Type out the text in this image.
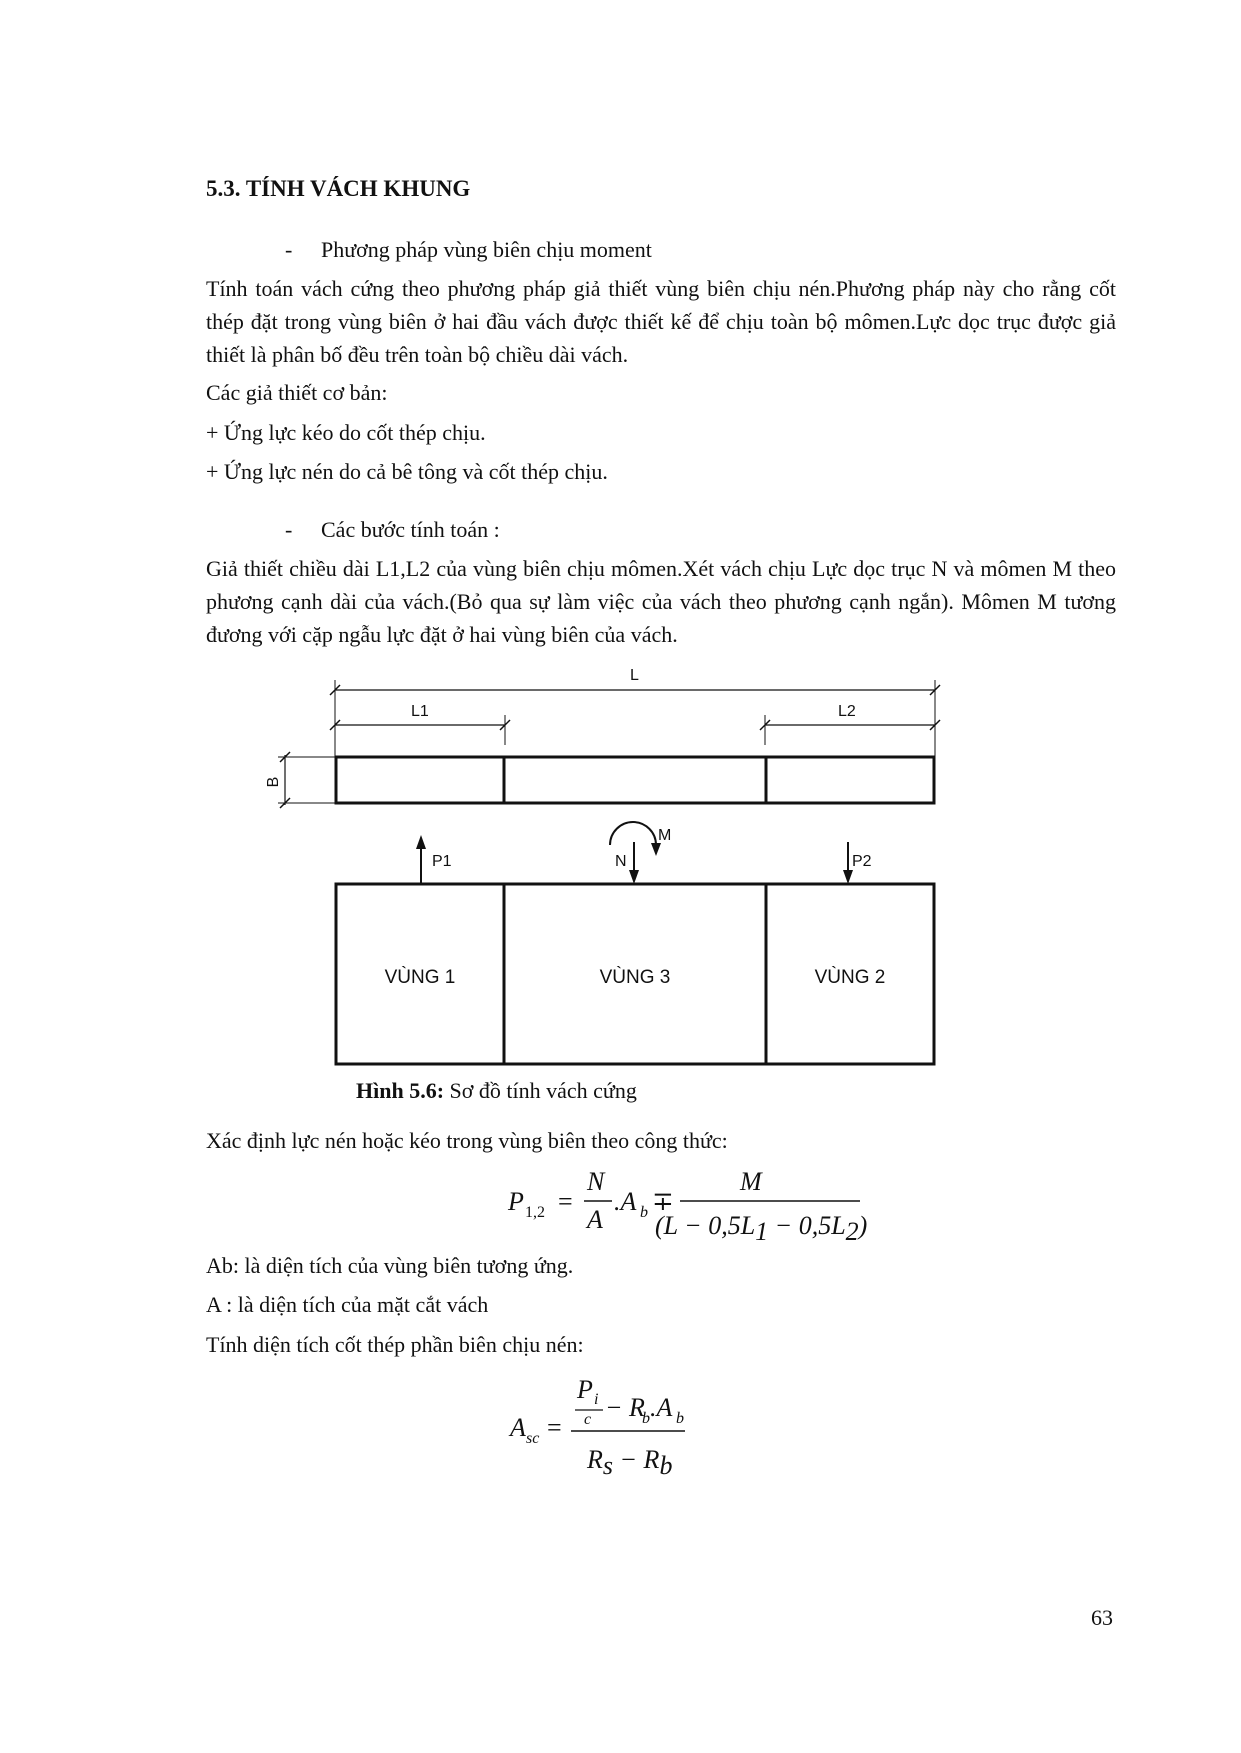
5.3. TÍNH VÁCH KHUNG
- Phương pháp vùng biên chịu moment
Tính toán vách cứng theo phương pháp giả thiết vùng biên chịu nén.Phương pháp này cho rằng cốt thép đặt trong vùng biên ở hai đầu vách được thiết kế để chịu toàn bộ mômen.Lực dọc trục được giả thiết là phân bố đều trên toàn bộ chiều dài vách.
Các giả thiết cơ bản:
+ Ứng lực kéo do cốt thép chịu.
+ Ứng lực nén do cả bê tông và cốt thép chịu.
- Các bước tính toán :
Giả thiết chiều dài L1,L2 của vùng biên chịu mômen.Xét vách chịu Lực dọc trục N và mômen M theo phương cạnh dài của vách.(Bỏ qua sự làm việc của vách theo phương cạnh ngắn). Mômen M tương đương với cặp ngẫu lực đặt ở hai vùng biên của vách.
L
L1	L2
B
P1	N
M
P2
VÙNG 1	VÙNG 3	VÙNG 2
Hình 5.6: Sơ đồ tính vách cứng
Xác định lực nén hoặc kéo trong vùng biên theo công thức:
P 1,2 =
N
A
.A b ∓
M
(L − 0,5L1 − 0,5L2)
Ab: là diện tích của vùng biên tương ứng.
A : là diện tích của mặt cắt vách
Tính diện tích cốt thép phần biên chịu nén:
A sc =
P i
c − R
b .A b
Rs − Rb
63
